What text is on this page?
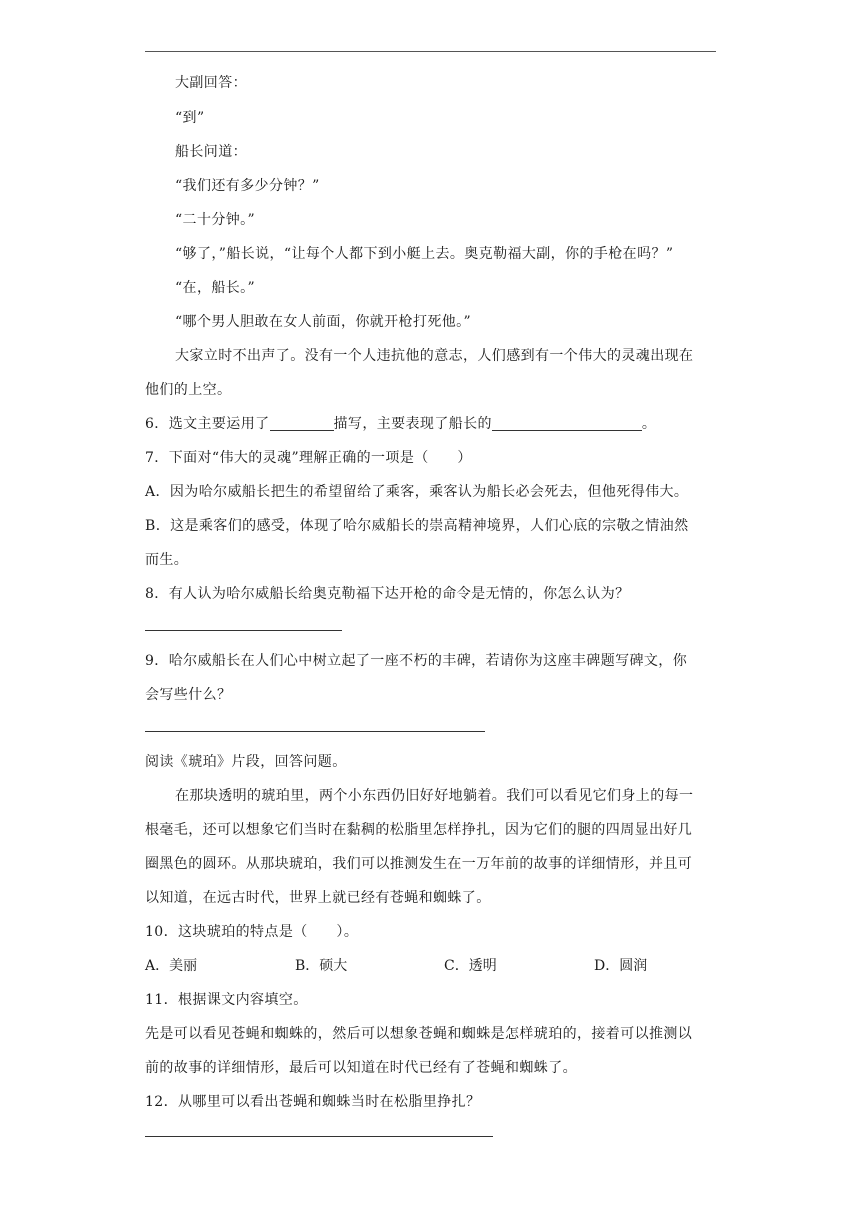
大副回答：
“到”
船长问道：
“我们还有多少分钟？”
“二十分钟。”
“够了，”船长说，“让每个人都下到小艇上去。奥克勒福大副，你的手枪在吗？”
“在，船长。”
“哪个男人胆敢在女人前面，你就开枪打死他。”
大家立时不出声了。没有一个人违抗他的意志，人们感到有一个伟大的灵魂出现在
他们的上空。
6．选文主要运用了	描写，主要表现了船长的	。
7．下面对“伟大的灵魂”理解正确的一项是（　　）
A．因为哈尔威船长把生的希望留给了乘客，乘客认为船长必会死去，但他死得伟大。
B．这是乘客们的感受，体现了哈尔威船长的崇高精神境界，人们心底的宗敬之情油然
而生。
8．有人认为哈尔威船长给奥克勒福下达开枪的命令是无情的，你怎么认为？
9．哈尔威船长在人们心中树立起了一座不朽的丰碑，若请你为这座丰碑题写碑文，你
会写些什么？
阅读《琥珀》片段，回答问题。
在那块透明的琥珀里，两个小东西仍旧好好地躺着。我们可以看见它们身上的每一
根毫毛，还可以想象它们当时在黏稠的松脂里怎样挣扎，因为它们的腿的四周显出好几
圈黑色的圆环。从那块琥珀，我们可以推测发生在一万年前的故事的详细情形，并且可
以知道，在远古时代，世界上就已经有苍蝇和蜘蛛了。
10．这块琥珀的特点是（　　）。
A．美丽	B．硕大	C．透明	D．圆润
11．根据课文内容填空。
先是可以看见苍蝇和蜘蛛的，然后可以想象苍蝇和蜘蛛是怎样琥珀的，接着可以推测以
前的故事的详细情形，最后可以知道在时代已经有了苍蝇和蜘蛛了。
12．从哪里可以看出苍蝇和蜘蛛当时在松脂里挣扎？
